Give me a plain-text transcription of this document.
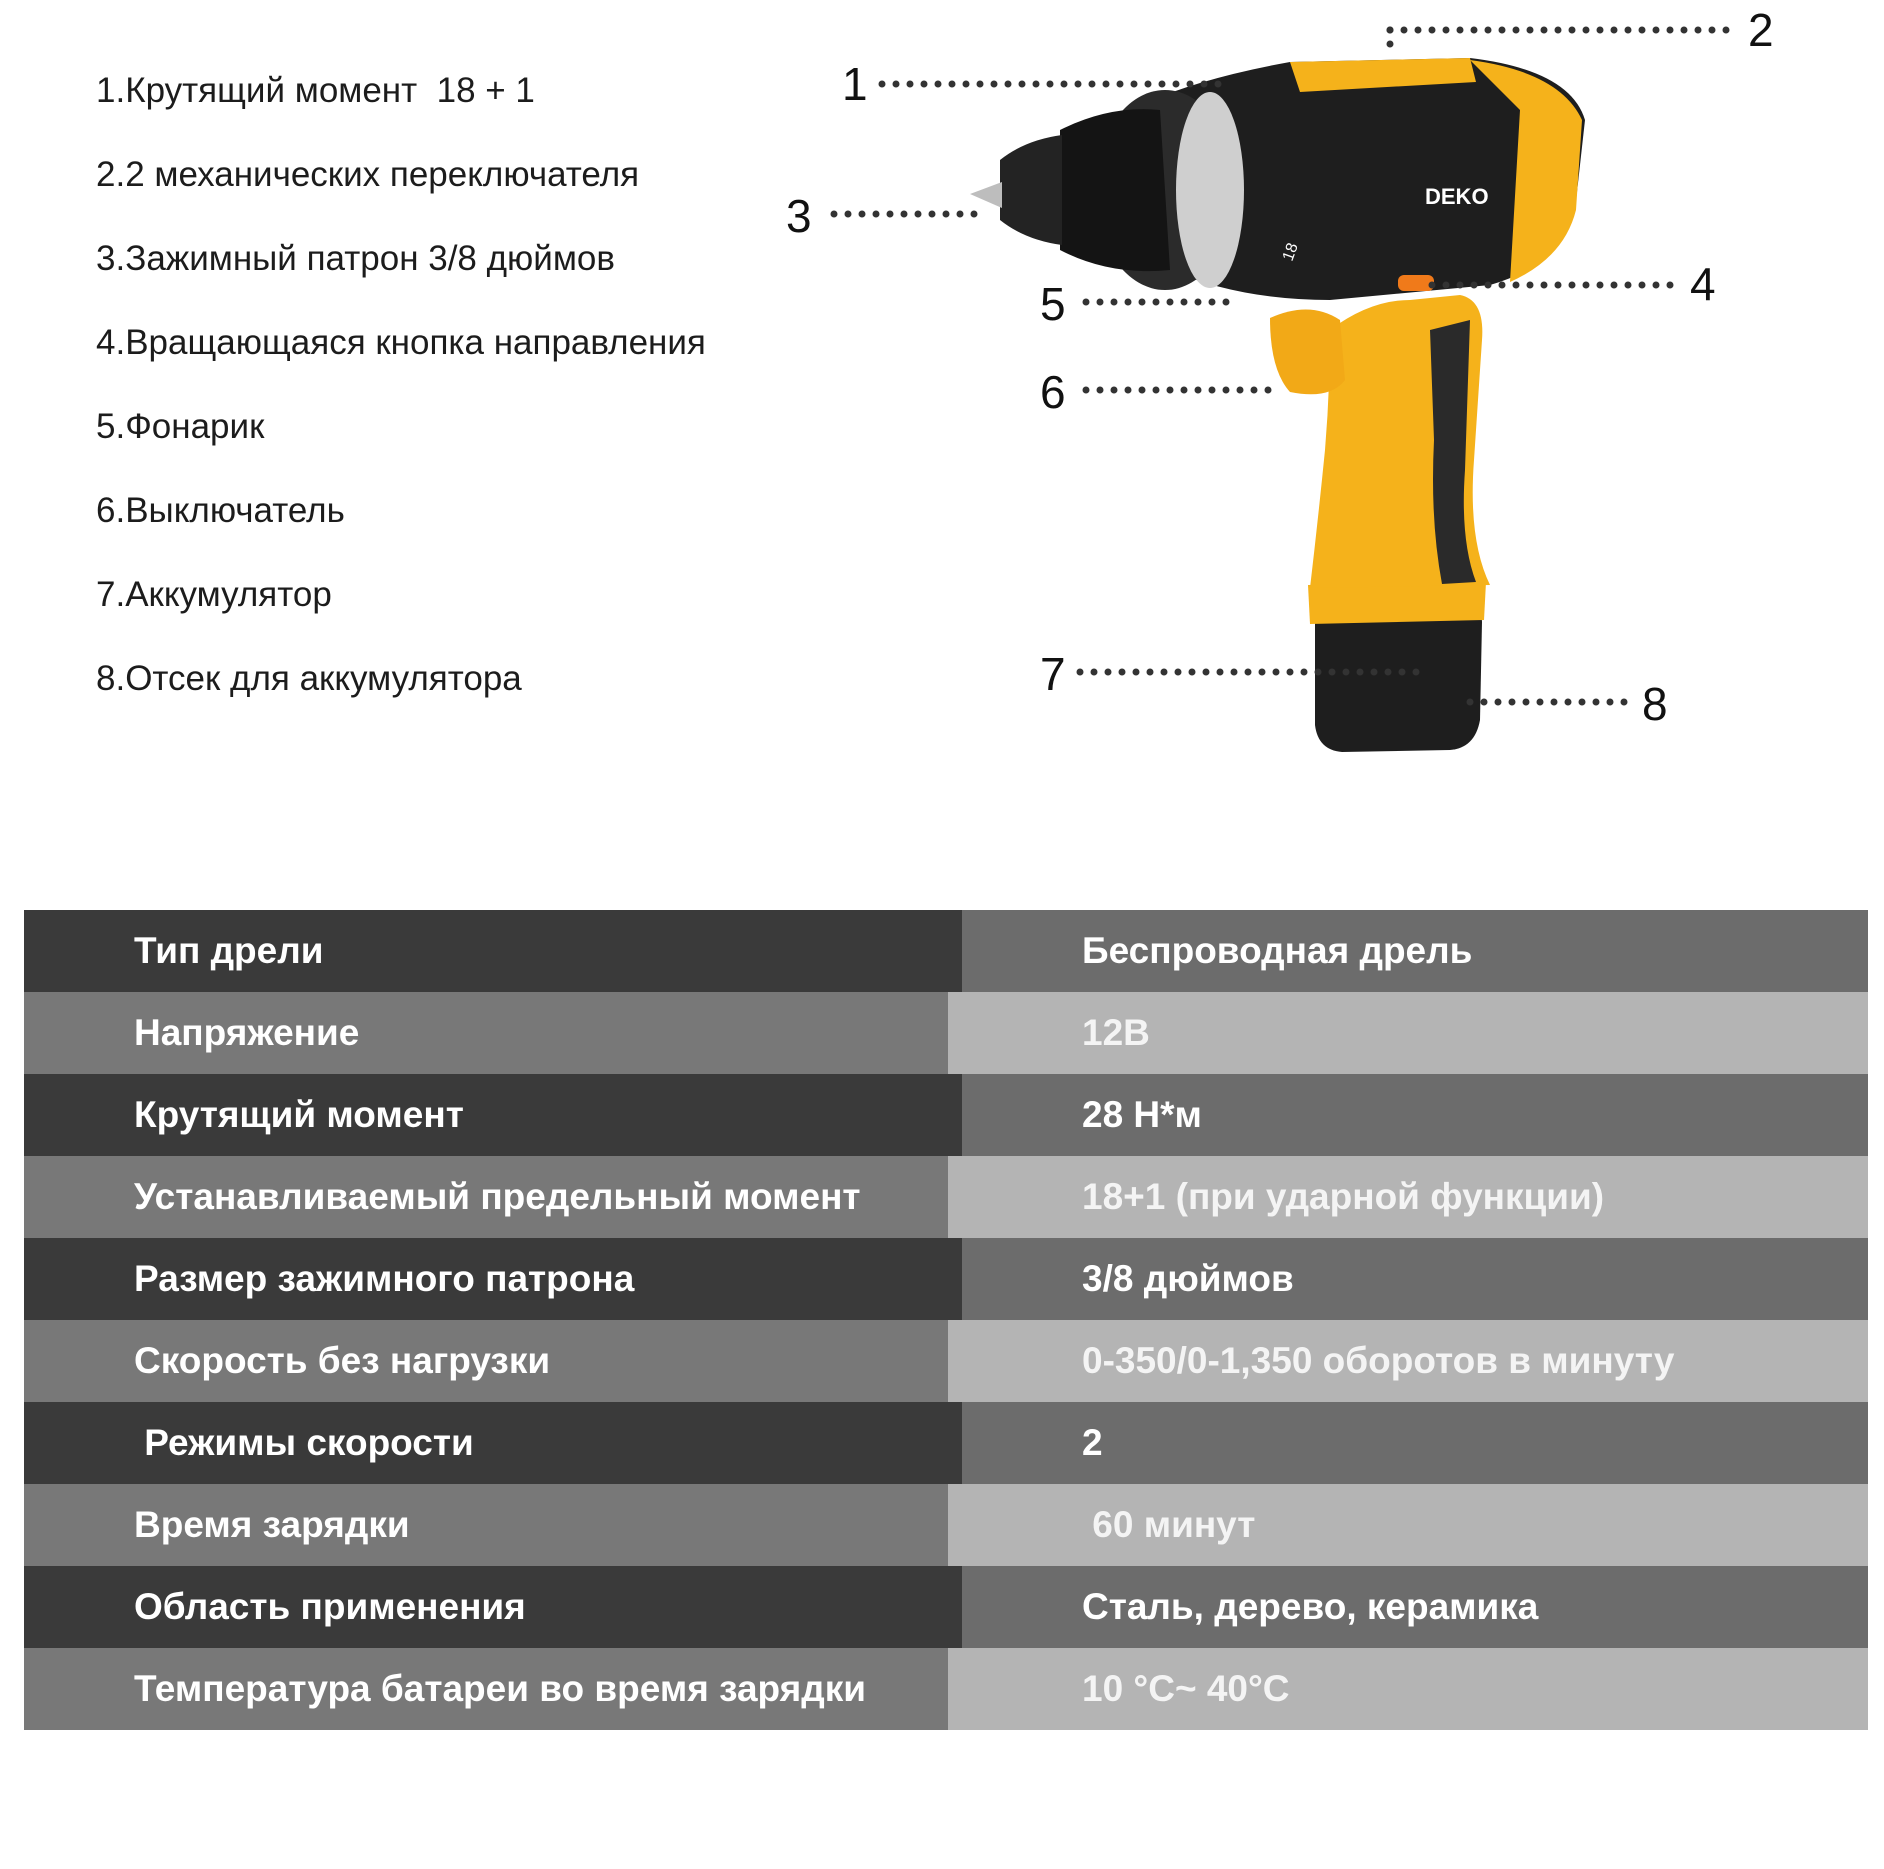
1.Крутящий момент  18 + 1
2.2 механических переключателя
3.Зажимный патрон 3/8 дюймов
4.Вращающаяся кнопка направления
5.Фонарик
6.Выключатель
7.Аккумулятор
8.Отсек для аккумулятора
DEKO
18
1
2
3
4
5
6
7
8
Тип дрели	Беспроводная дрель
Напряжение	12В
Крутящий момент	28 Н*м
Устанавливаемый предельный момент	18+1 (при ударной функции)
Размер зажимного патрона	3/8 дюймов
Скорость без нагрузки	0-350/0-1,350 оборотов в минуту
Режимы скорости	2
Время зарядки	60 минут
Область применения	Сталь, дерево, керамика
Температура батареи во время зарядки	10 °С~ 40°С
